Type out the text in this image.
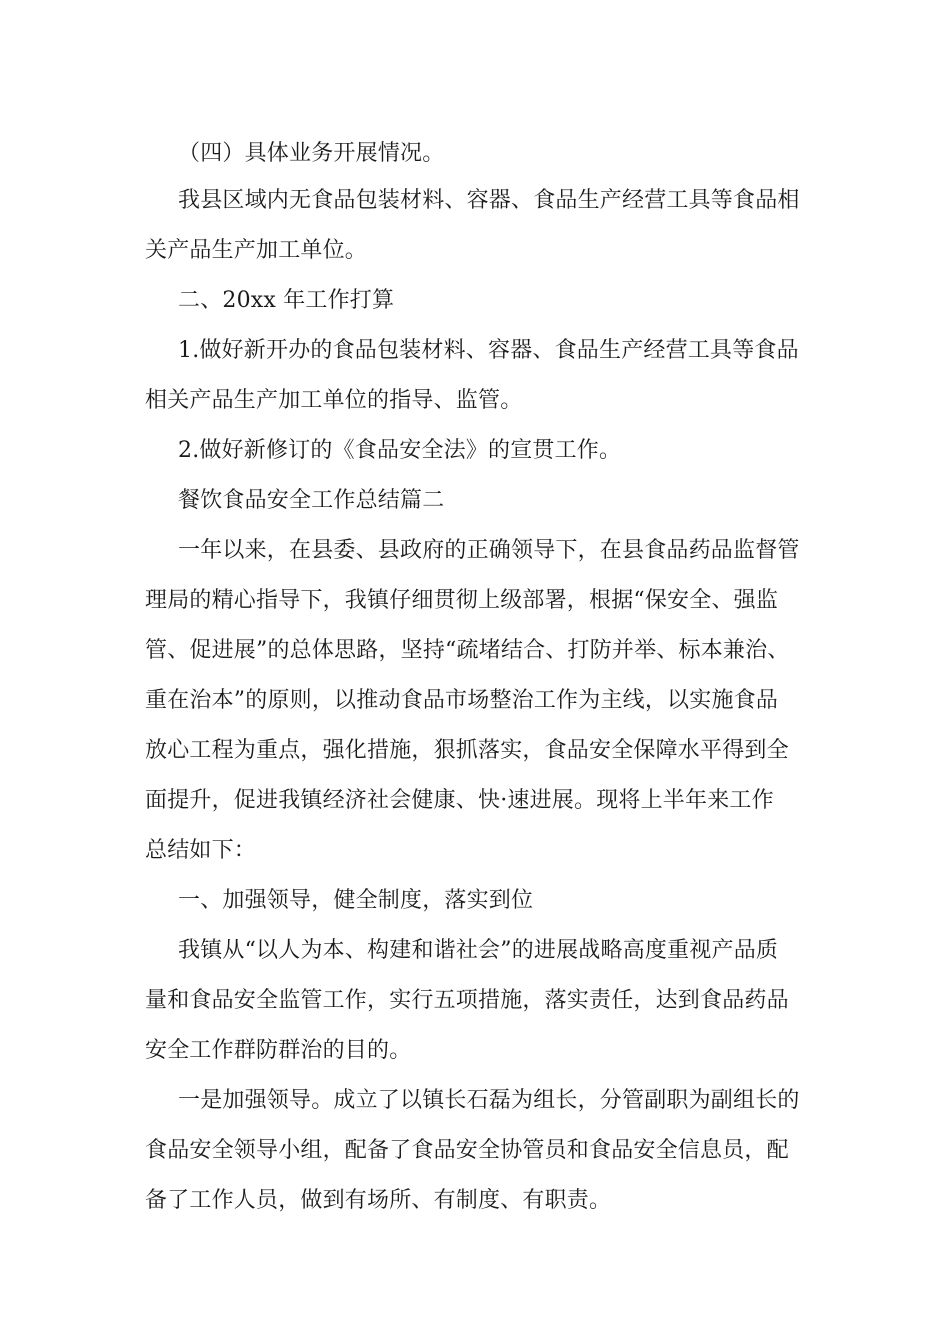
（四）具体业务开展情况。
我县区域内无食品包装材料、容器、食品生产经营工具等食品相
关产品生产加工单位。
二、20xx 年工作打算
1.做好新开办的食品包装材料、容器、食品生产经营工具等食品
相关产品生产加工单位的指导、监管。
2.做好新修订的《食品安全法》的宣贯工作。
餐饮食品安全工作总结篇二
一年以来，在县委、县政府的正确领导下，在县食品药品监督管
理局的精心指导下，我镇仔细贯彻上级部署，根据“保安全、强监
管、促进展”的总体思路，坚持“疏堵结合、打防并举、标本兼治、
重在治本”的原则，以推动食品市场整治工作为主线，以实施食品
放心工程为重点，强化措施，狠抓落实，食品安全保障水平得到全
面提升，促进我镇经济社会健康、快·速进展。现将上半年来工作
总结如下：
一、加强领导，健全制度，落实到位
我镇从“以人为本、构建和谐社会”的进展战略高度重视产品质
量和食品安全监管工作，实行五项措施，落实责任，达到食品药品
安全工作群防群治的目的。
一是加强领导。成立了以镇长石磊为组长，分管副职为副组长的
食品安全领导小组，配备了食品安全协管员和食品安全信息员，配
备了工作人员，做到有场所、有制度、有职责。
